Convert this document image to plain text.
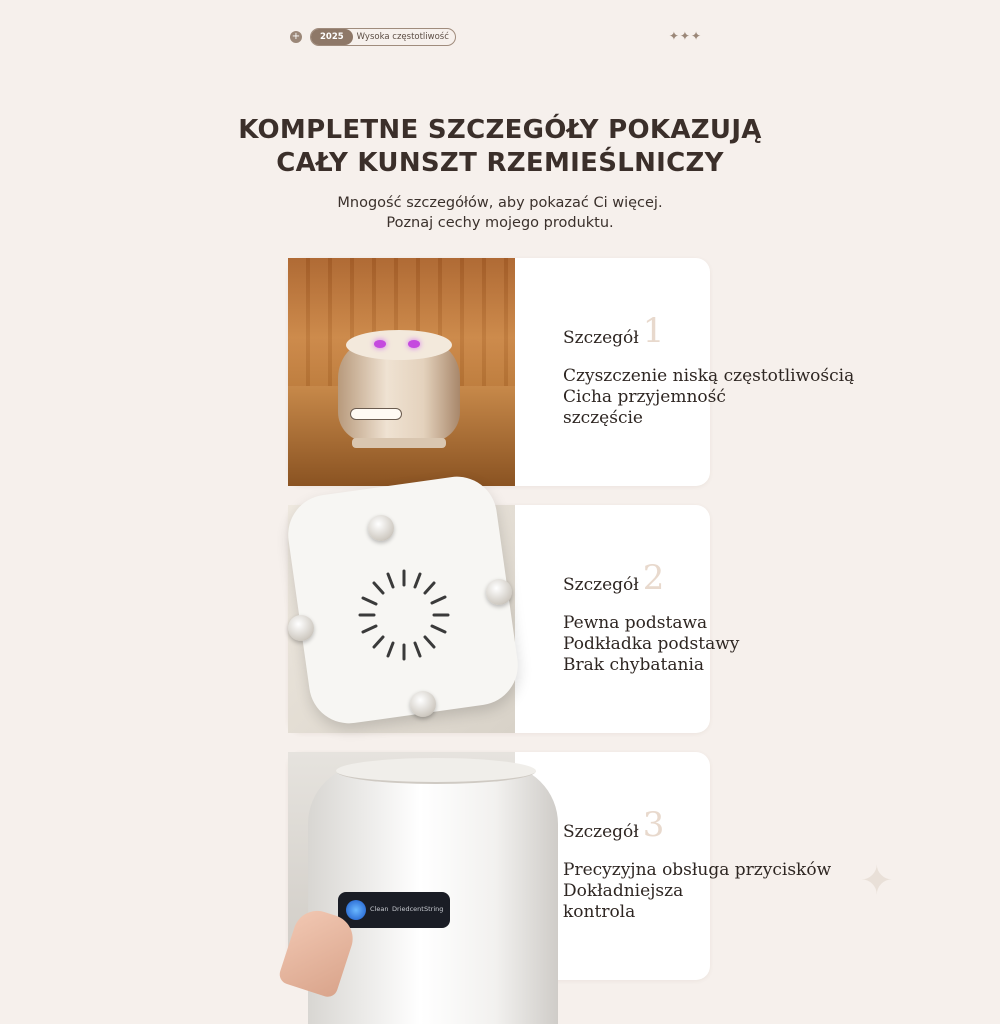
+	2025	Wysoka częstotliwość	✦✦✦
KOMPLETNE SZCZEGÓŁY POKAZUJĄ
CAŁY KUNSZT RZEMIEŚLNICZY
Mnogość szczegółów, aby pokazać Ci więcej.
Poznaj cechy mojego produktu.
Szczegół 1
Czyszczenie niską częstotliwością
Cicha przyjemność
szczęście
Szczegół 2
Pewna podstawa
Podkładka podstawy
Brak chybatania
Clean Driedcent String
Szczegół 3
Precyzyjna obsługa przycisków
Dokładniejsza
kontrola
✦
